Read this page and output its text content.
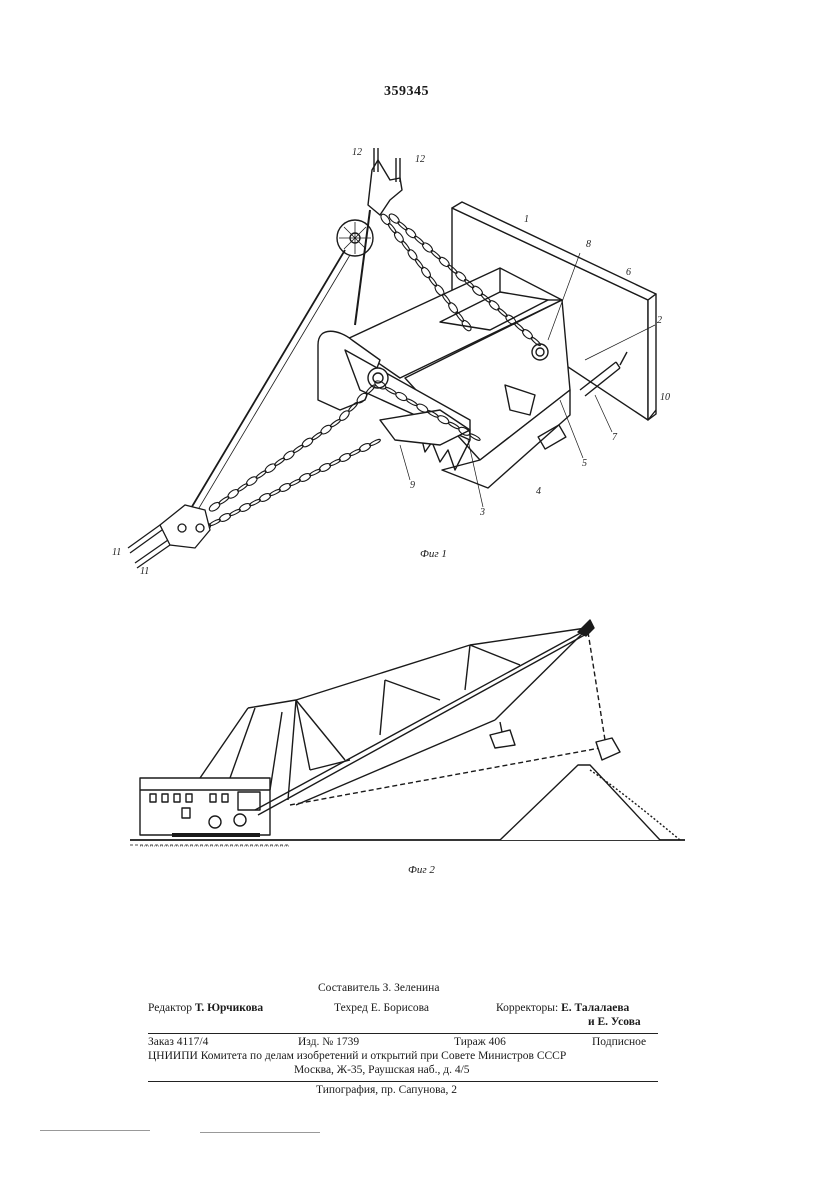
359345
12
12
1
8
6
2
10
7
5
4
3
9
11
11
Фиг 1
Фиг 2
Составитель З. Зеленина
Редактор Т. Юрчикова	Техред Е. Борисова	Корректоры: Е. Талалаева
и Е. Усова
Заказ 4117/4	Изд. № 1739	Тираж 406	Подписное
ЦНИИПИ Комитета по делам изобретений и открытий при Совете Министров СССР
Москва, Ж-35, Раушская наб., д. 4/5
Типография, пр. Сапунова, 2
